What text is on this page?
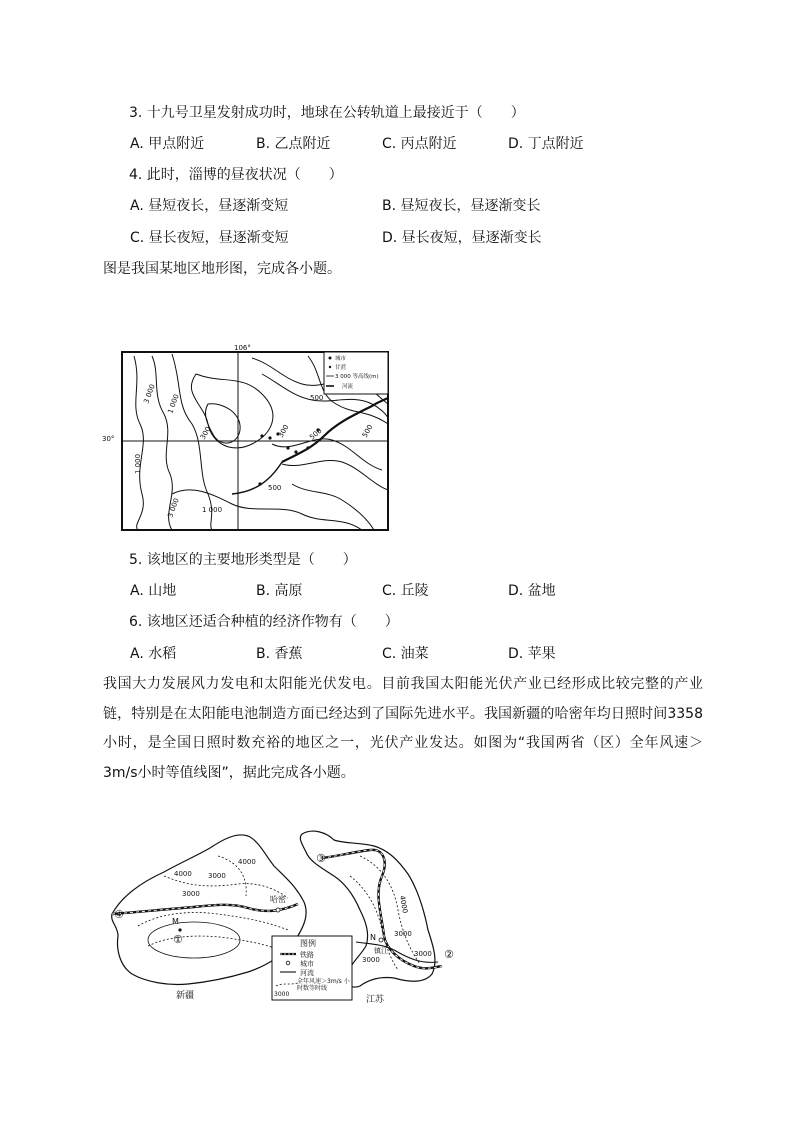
3. 十九号卫星发射成功时，地球在公转轨道上最接近于（　　）
A. 甲点附近	B. 乙点附近	C. 丙点附近	D. 丁点附近
4. 此时，淄博的昼夜状况（　　）
A. 昼短夜长，昼逐渐变短	B. 昼短夜长，昼逐渐变长
C. 昼长夜短，昼逐渐变短	D. 昼长夜短，昼逐渐变长
图是我国某地区地形图，完成各小题。
106°
30°
1 000
3 000
1 000
300
500
300	500
500
500
3 000	1 000
城市
甘蔗
3 000 等高线(m)
河流
5. 该地区的主要地形类型是（　　）
A. 山地	B. 高原	C. 丘陵	D. 盆地
6. 该地区还适合种植的经济作物有（　　）
A. 水稻	B. 香蕉	C. 油菜	D. 苹果
我国大力发展风力发电和太阳能光伏发电。目前我国太阳能光伏产业已经形成比较完整的产业链，特别是在太阳能电池制造方面已经达到了国际先进水平。我国新疆的哈密年均日照时间3358小时，是全国日照时数充裕的地区之一，光伏产业发达。如图为“我国两省（区）全年风速＞3m/s小时等值线图”，据此完成各小题。
4000
4000
3000
3000
哈密
M
①
④
新疆
4000
3000
3000
3000
N
镇江
③
②
江苏
图例
铁路
城市
河流
3000
全年风速＞3m/s 小时数等时线
